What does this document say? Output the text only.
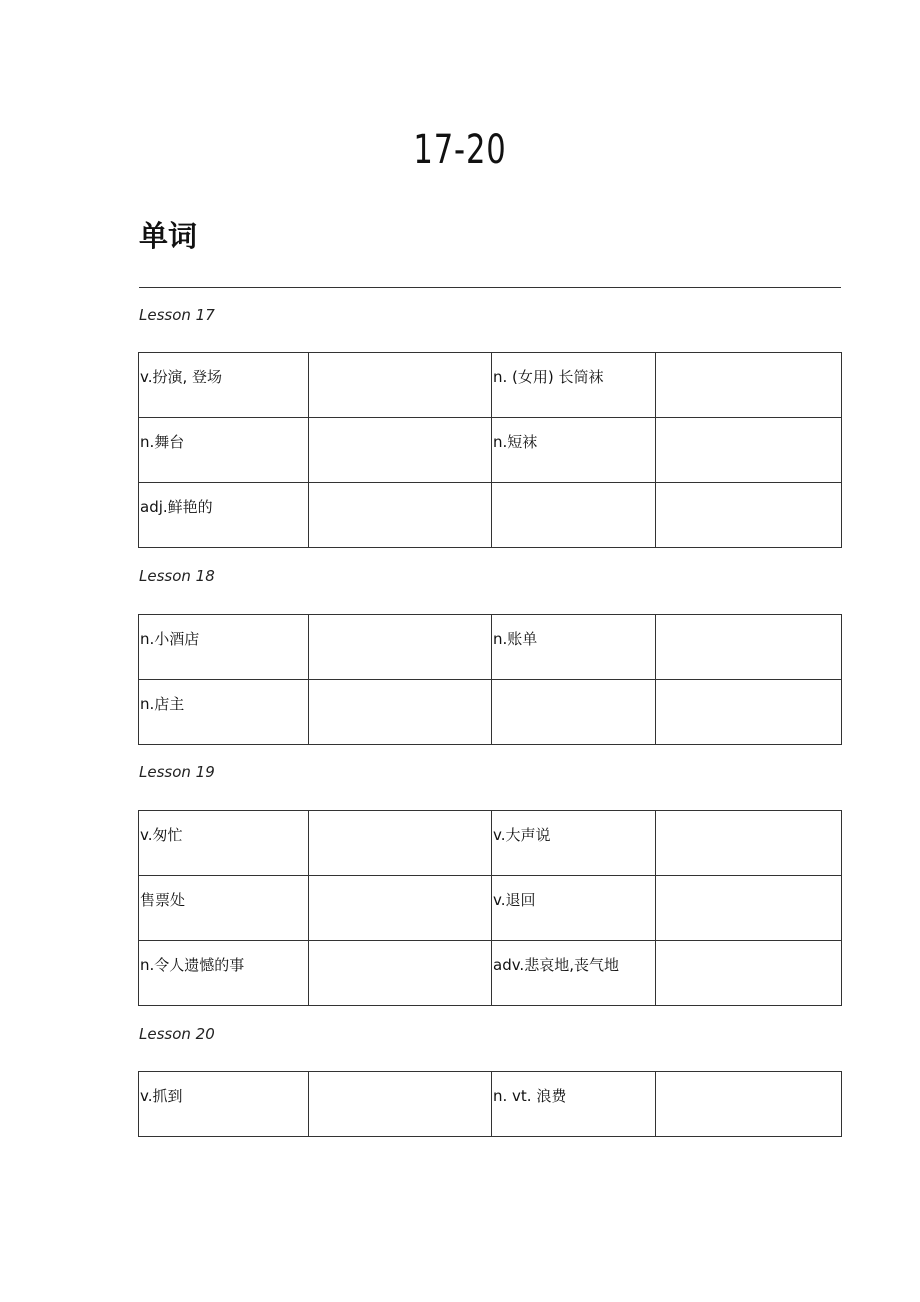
17-20
单词
Lesson 17
v.扮演, 登场		n. (女用) 长筒袜	

n.舞台		n.短袜	

adj.鲜艳的			

Lesson 18
n.小酒店		n.账单	

n.店主			

Lesson 19
v.匆忙		v.大声说	

售票处		v.退回	

n.令人遗憾的事		adv.悲哀地,丧气地	

Lesson 20
v.抓到		n. vt. 浪费
